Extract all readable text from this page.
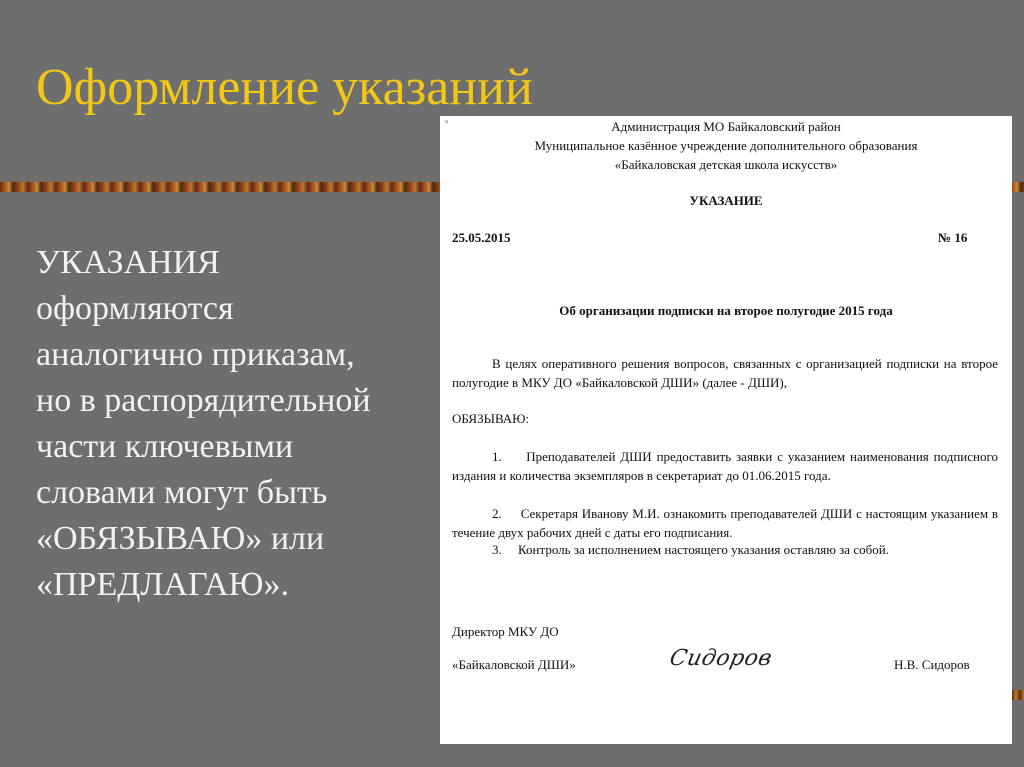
Оформление указаний
УКАЗАНИЯ
оформляются
аналогично приказам,
но в распорядительной
части ключевыми
словами могут быть
«ОБЯЗЫВАЮ» или
«ПРЕДЛАГАЮ».
▫	Администрация МО Байкаловский район
Муниципальное казённое учреждение дополнительного образования
«Байкаловская детская школа искусств»
УКАЗАНИЕ
25.05.2015	№ 16
Об организации подписки на второе полугодие 2015 года
В целях оперативного решения вопросов, связанных с организацией подписки на второе полугодие в МКУ ДО «Байкаловской ДШИ» (далее - ДШИ),
ОБЯЗЫВАЮ:
1. Преподавателей ДШИ предоставить заявки с указанием наименования подписного издания и количества экземпляров в секретариат до 01.06.2015 года.
2. Секретаря Иванову М.И. ознакомить преподавателей ДШИ с настоящим указанием в течение двух рабочих дней с даты его подписания.
3. Контроль за исполнением настоящего указания оставляю за собой.
Директор МКУ ДО
«Байкаловской ДШИ»	Сидоров	Н.В. Сидоров
